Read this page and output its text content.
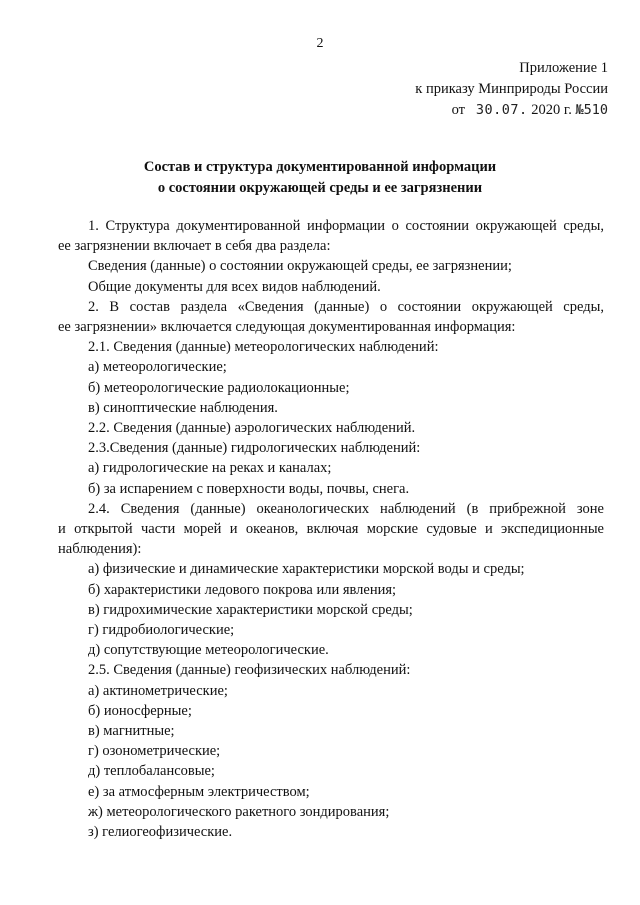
2
Приложение 1
к приказу Минприроды России
от 30.07. 2020 г. №510
Состав и структура документированной информации
о состоянии окружающей среды и ее загрязнении
1. Структура документированной информации о состоянии окружающей среды,
ее загрязнении включает в себя два раздела:
Сведения (данные) о состоянии окружающей среды, ее загрязнении;
Общие документы для всех видов наблюдений.
2. В состав раздела «Сведения (данные) о состоянии окружающей среды,
ее загрязнении» включается следующая документированная информация:
2.1. Сведения (данные) метеорологических наблюдений:
а) метеорологические;
б) метеорологические радиолокационные;
в) синоптические наблюдения.
2.2. Сведения (данные) аэрологических наблюдений.
2.3.Сведения (данные) гидрологических наблюдений:
а) гидрологические на реках и каналах;
б) за испарением с поверхности воды, почвы, снега.
2.4. Сведения (данные) океанологических наблюдений (в прибрежной зоне
и открытой части морей и океанов, включая морские судовые и экспедиционные
наблюдения):
а) физические и динамические характеристики морской воды и среды;
б) характеристики ледового покрова или явления;
в) гидрохимические характеристики морской среды;
г) гидробиологические;
д) сопутствующие метеорологические.
2.5. Сведения (данные) геофизических наблюдений:
а) актинометрические;
б) ионосферные;
в) магнитные;
г) озонометрические;
д) теплобалансовые;
е) за атмосферным электричеством;
ж) метеорологического ракетного зондирования;
з) гелиогеофизические.
